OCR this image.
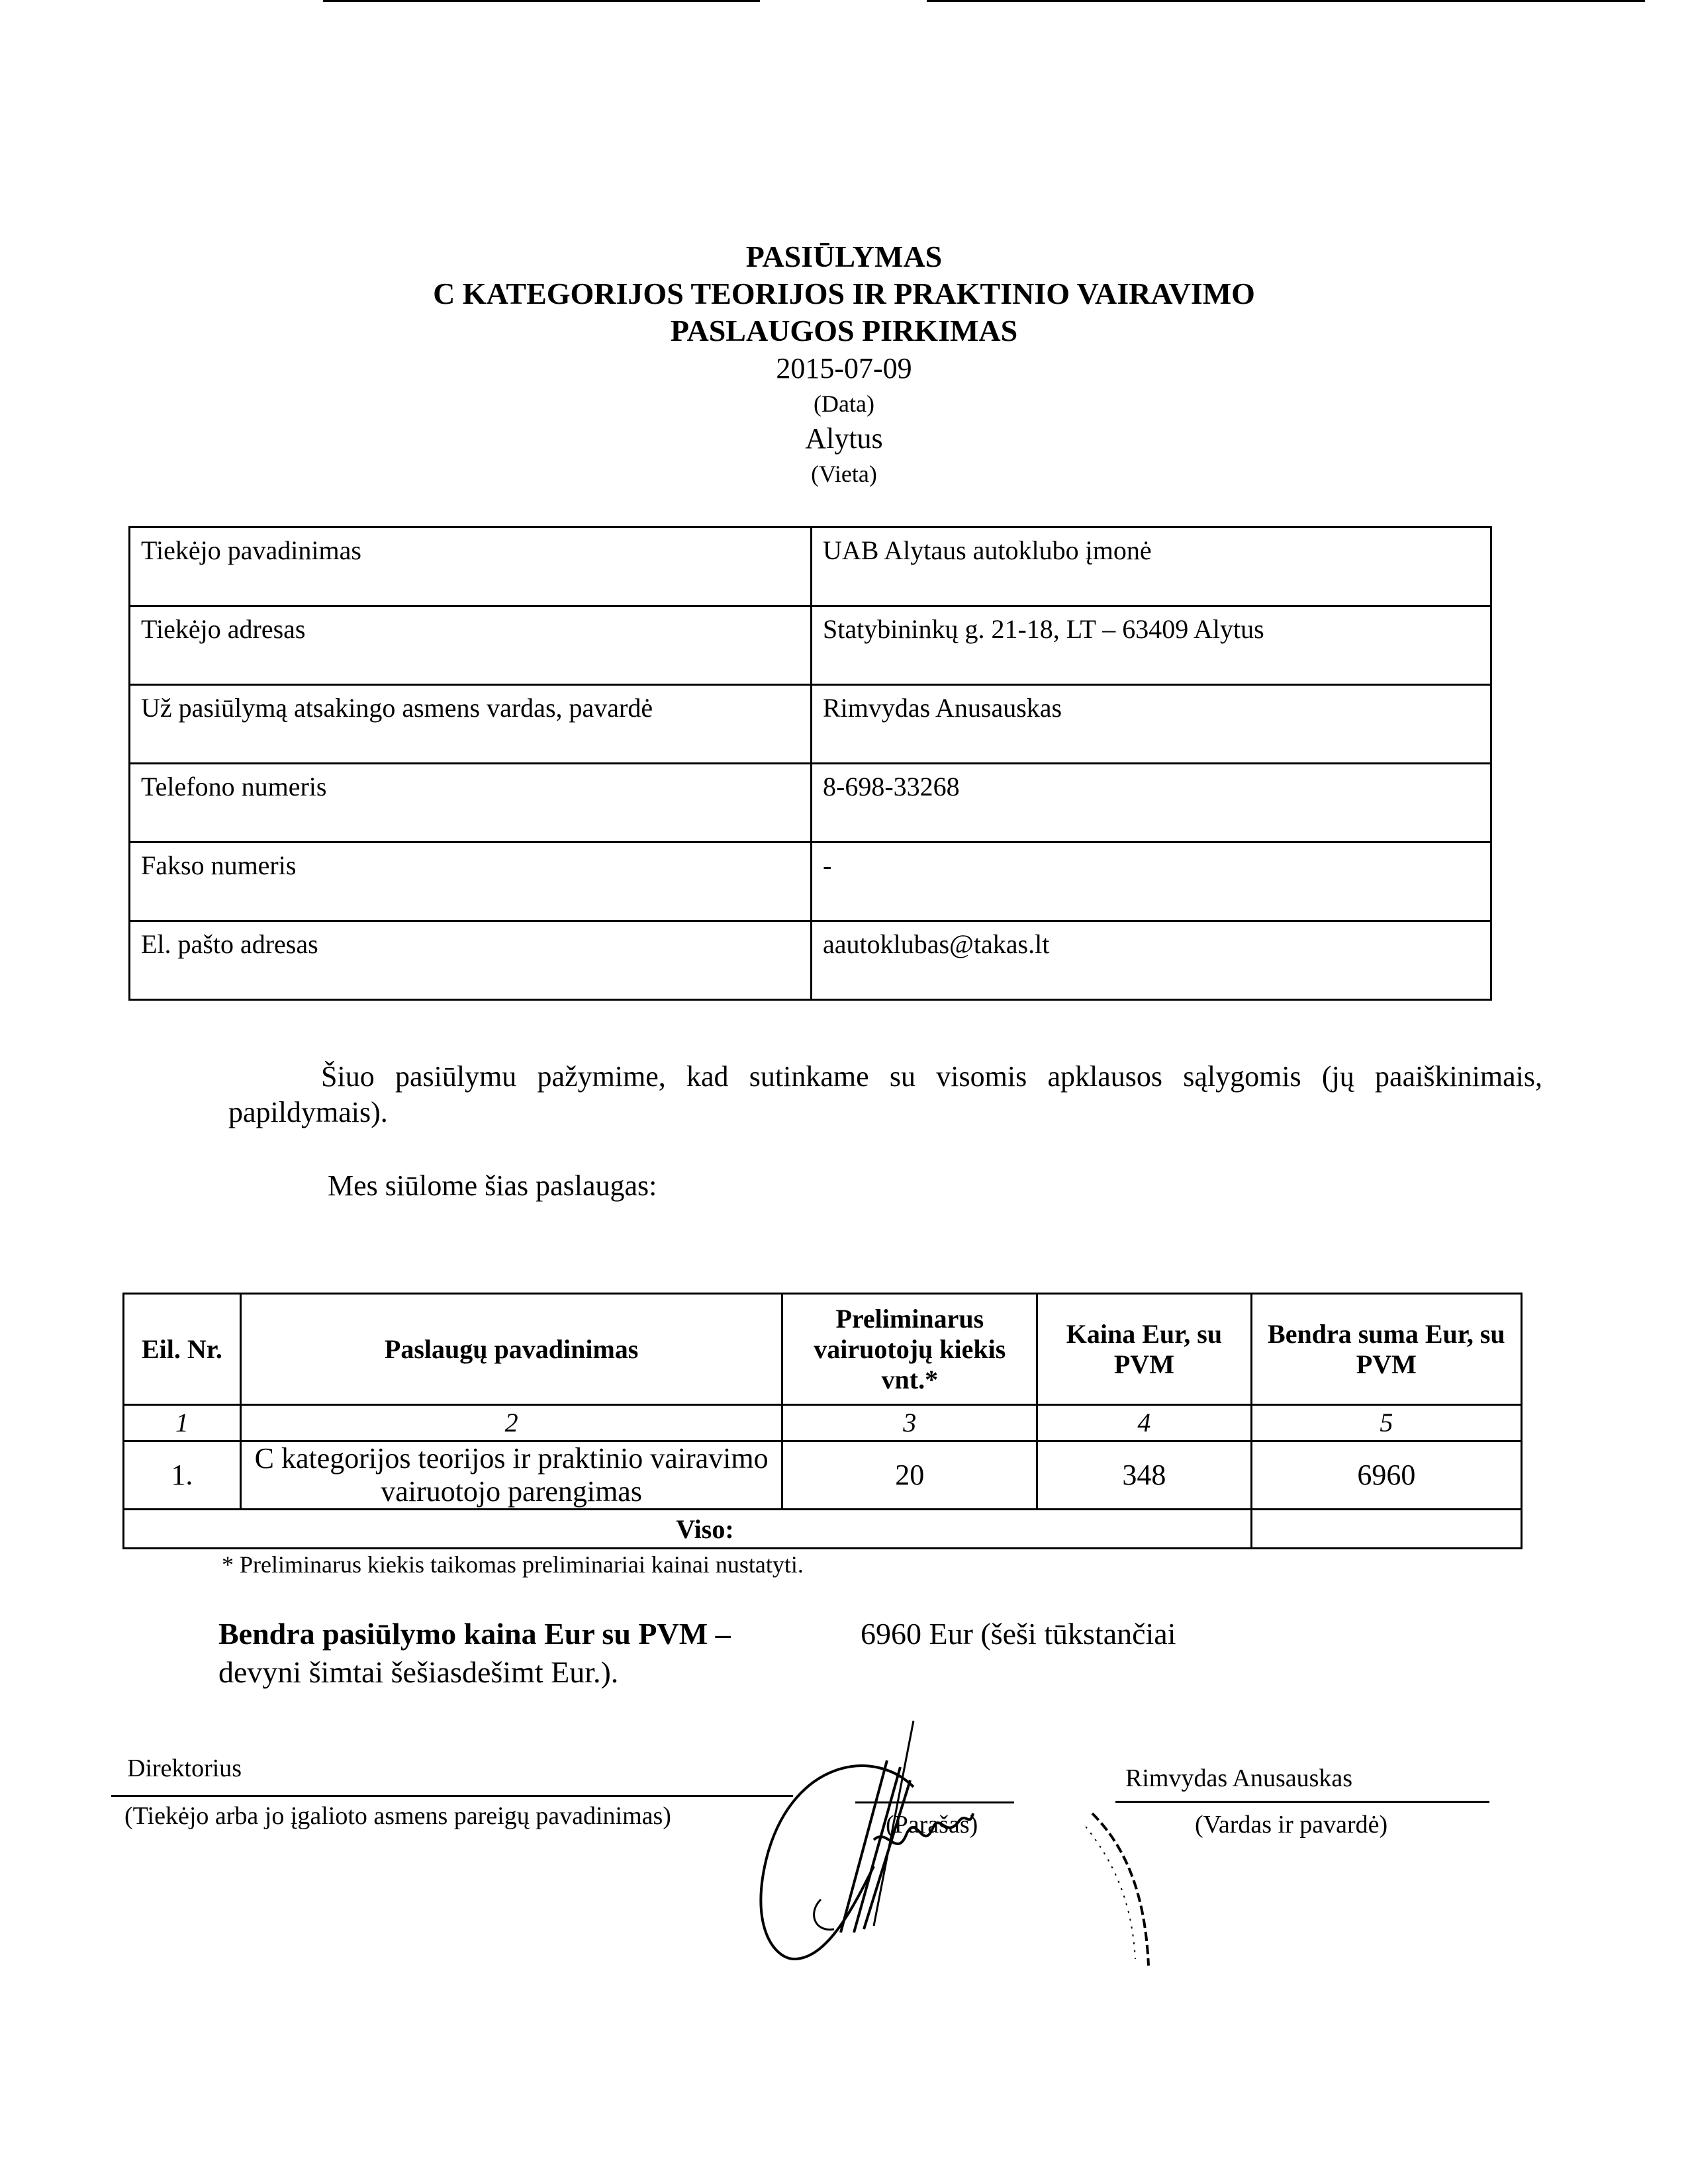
PASIŪLYMAS
C KATEGORIJOS TEORIJOS IR PRAKTINIO VAIRAVIMO
PASLAUGOS PIRKIMAS
2015-07-09
(Data)
Alytus
(Vieta)
Tiekėjo pavadinimas	UAB Alytaus autoklubo įmonė
Tiekėjo adresas	Statybininkų g. 21-18, LT – 63409 Alytus
Už pasiūlymą atsakingo asmens vardas, pavardė	Rimvydas Anusauskas
Telefono numeris	8-698-33268
Fakso numeris	-
El. pašto adresas	aautoklubas@takas.lt
Šiuo pasiūlymu pažymime, kad sutinkame su visomis apklausos sąlygomis (jų paaiškinimais, papildymais).
Mes siūlome šias paslaugas:
Eil. Nr.	Paslaugų pavadinimas	Preliminarus vairuotojų kiekis vnt.*	Kaina Eur, su PVM	Bendra suma Eur, su PVM
1	2	3	4	5
1.	C kategorijos teorijos ir praktinio vairavimo vairuotojo parengimas	20	348	6960
Viso:				
* Preliminarus kiekis taikomas preliminariai kainai nustatyti.
Bendra pasiūlymo kaina Eur su PVM –	6960 Eur (šeši tūkstančiai
devyni šimtai šešiasdešimt Eur.).
Direktorius
(Tiekėjo arba jo įgalioto asmens pareigų pavadinimas)	(Parašas)
Rimvydas Anusauskas
(Vardas ir pavardė)
